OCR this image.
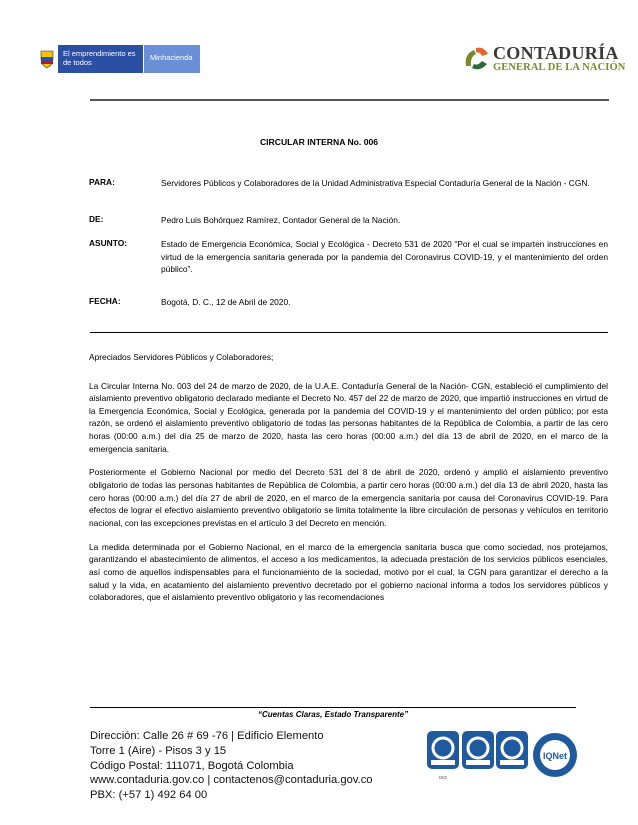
El emprendimiento es de todos
Minhacienda	CONTADURÍA
GENERAL DE LA NACIÓN
CIRCULAR INTERNA No. 006
PARA:	Servidores Públicos y Colaboradores de la Unidad Administrativa Especial Contaduría General de la Nación - CGN.
DE:	Pedro Luis Bohórquez Ramírez, Contador General de la Nación.
ASUNTO:	Estado de Emergencia Económica, Social y Ecológica - Decreto 531 de 2020 “Por el cual se imparten instrucciones en virtud de la emergencia sanitaria generada por la pandemia del Coronavirus COVID-19, y el mantenimiento del orden público”.
FECHA:	Bogotá, D. C., 12 de Abril de 2020.

Apreciados Servidores Públicos y Colaboradores;

La Circular Interna No. 003 del 24 de marzo de 2020, de la U.A.E. Contaduría General de la Nación- CGN, estableció el cumplimiento del aislamiento preventivo obligatorio declarado mediante el Decreto No. 457 del 22 de marzo de 2020, que impartió instrucciones en virtud de la Emergencia Económica, Social y Ecológica, generada por la pandemia del COVID-19 y el mantenimiento del orden público; por esta razón, se ordenó el aislamiento preventivo obligatorio de todas las personas habitantes de la República de Colombia, a partir de las cero horas (00:00 a.m.) del día 25 de marzo de 2020, hasta las cero horas (00:00 a.m.) del día 13 de abril de 2020, en el marco de la emergencia sanitaria.

Posteriormente el Gobierno Nacional por medio del Decreto 531 del 8 de abril de 2020, ordenó y amplió el aislamiento preventivo obligatorio de todas las personas habitantes de República de Colombia, a partir cero horas (00:00 a.m.) del día 13 de abril 2020, hasta las cero horas (00:00 a.m.) del día 27 de abril de 2020, en el marco de la emergencia sanitaria por causa del Coronavirus COVID-19. Para efectos de lograr el efectivo aislamiento preventivo obligatorio se limita totalmente la libre circulación de personas y vehículos en territorio nacional, con las excepciones previstas en el artículo 3 del Decreto en mención.

La medida determinada por el Gobierno Nacional, en el marco de la emergencia sanitaria busca que como sociedad, nos protejamos, garantizando el abastecimiento de alimentos, el acceso a los medicamentos, la adecuada prestación de los servicios públicos esenciales, así como de aquellos indispensables para el funcionamiento de la sociedad, motivo por el cual, la CGN para garantizar el derecho a la salud y la vida, en acatamiento del aislamiento preventivo decretado por el gobierno nacional informa a todos los servidores públicos y colaboradores, que el aislamiento preventivo obligatorio y las recomendaciones

“Cuentas Claras, Estado Transparente”
Dirección: Calle 26 # 69 -76 | Edificio Elemento
Torre 1 (Aire) - Pisos 3 y 15
Código Postal: 111071, Bogotá Colombia
www.contaduria.gov.co | contactenos@contaduria.gov.co
PBX: (+57 1) 492 64 00
ISO
IQNet
